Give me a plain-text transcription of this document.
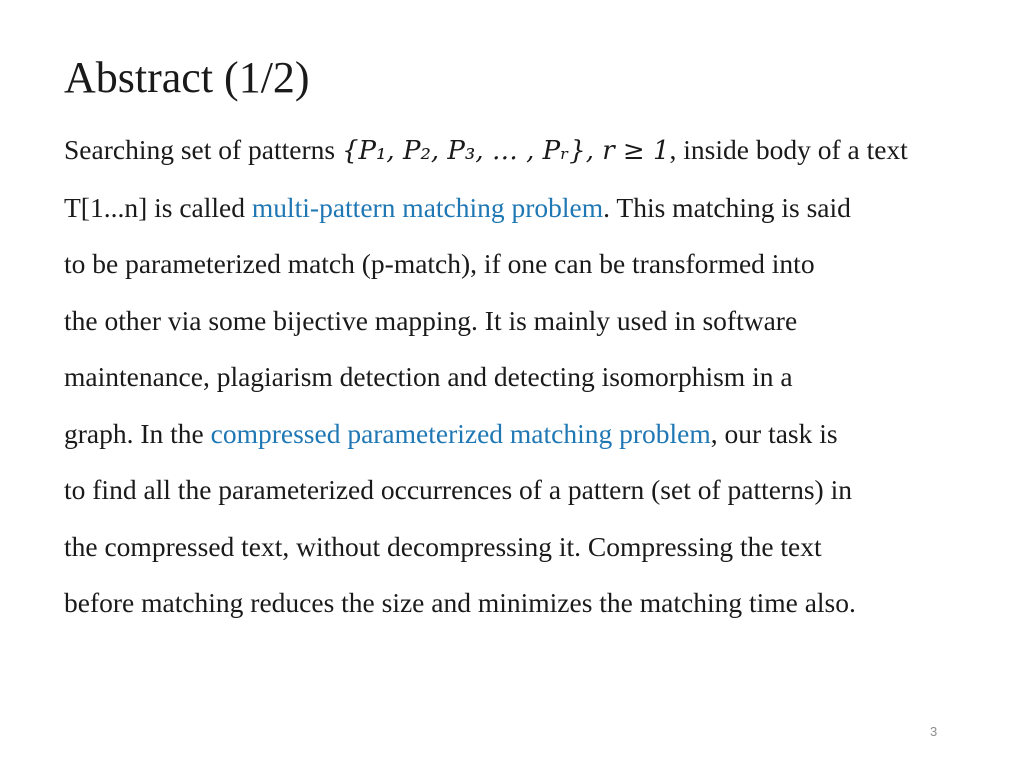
Abstract (1/2)
Searching set of patterns {P₁, P₂, P₃, … , Pᵣ}, r ≥ 1, inside body of a text
T[1...n] is called multi-pattern matching problem. This matching is said
to be parameterized match (p-match), if one can be transformed into
the other via some bijective mapping. It is mainly used in software
maintenance, plagiarism detection and detecting isomorphism in a
graph. In the compressed parameterized matching problem, our task is
to find all the parameterized occurrences of a pattern (set of patterns) in
the compressed text, without decompressing it. Compressing the text
before matching reduces the size and minimizes the matching time also.
3
